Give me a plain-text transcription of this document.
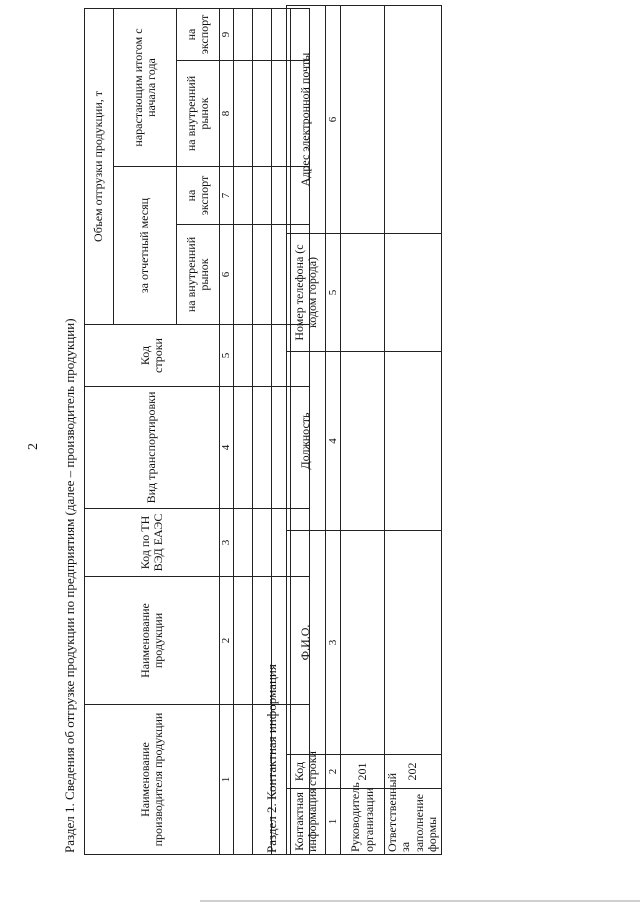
2 Раздел 1. Сведения об отгрузке продукции по предприятиям (далее – производитель продукции)	Наименование производителя продукции	Наименование продукции	Код по ТН ВЭД ЕАЭС	Вид транспортировки	Код строки	Объем отгрузки продукции, т			
					за отчетный месяц		нарастающим итогом с начала года	
					на внутренний рынок	на экспорт	на внутренний рынок	на экспорт
1	2	3	4	5	6	7	8	9

Раздел 2. Контактная информация Контактная информация	Код строки	Ф.И.О.	Должность	Номер телефона (с кодом города)	Адрес электронной почты
1	2	3	4	5	6
Руководитель организации	201				
Ответственный за заполнение формы	202				
